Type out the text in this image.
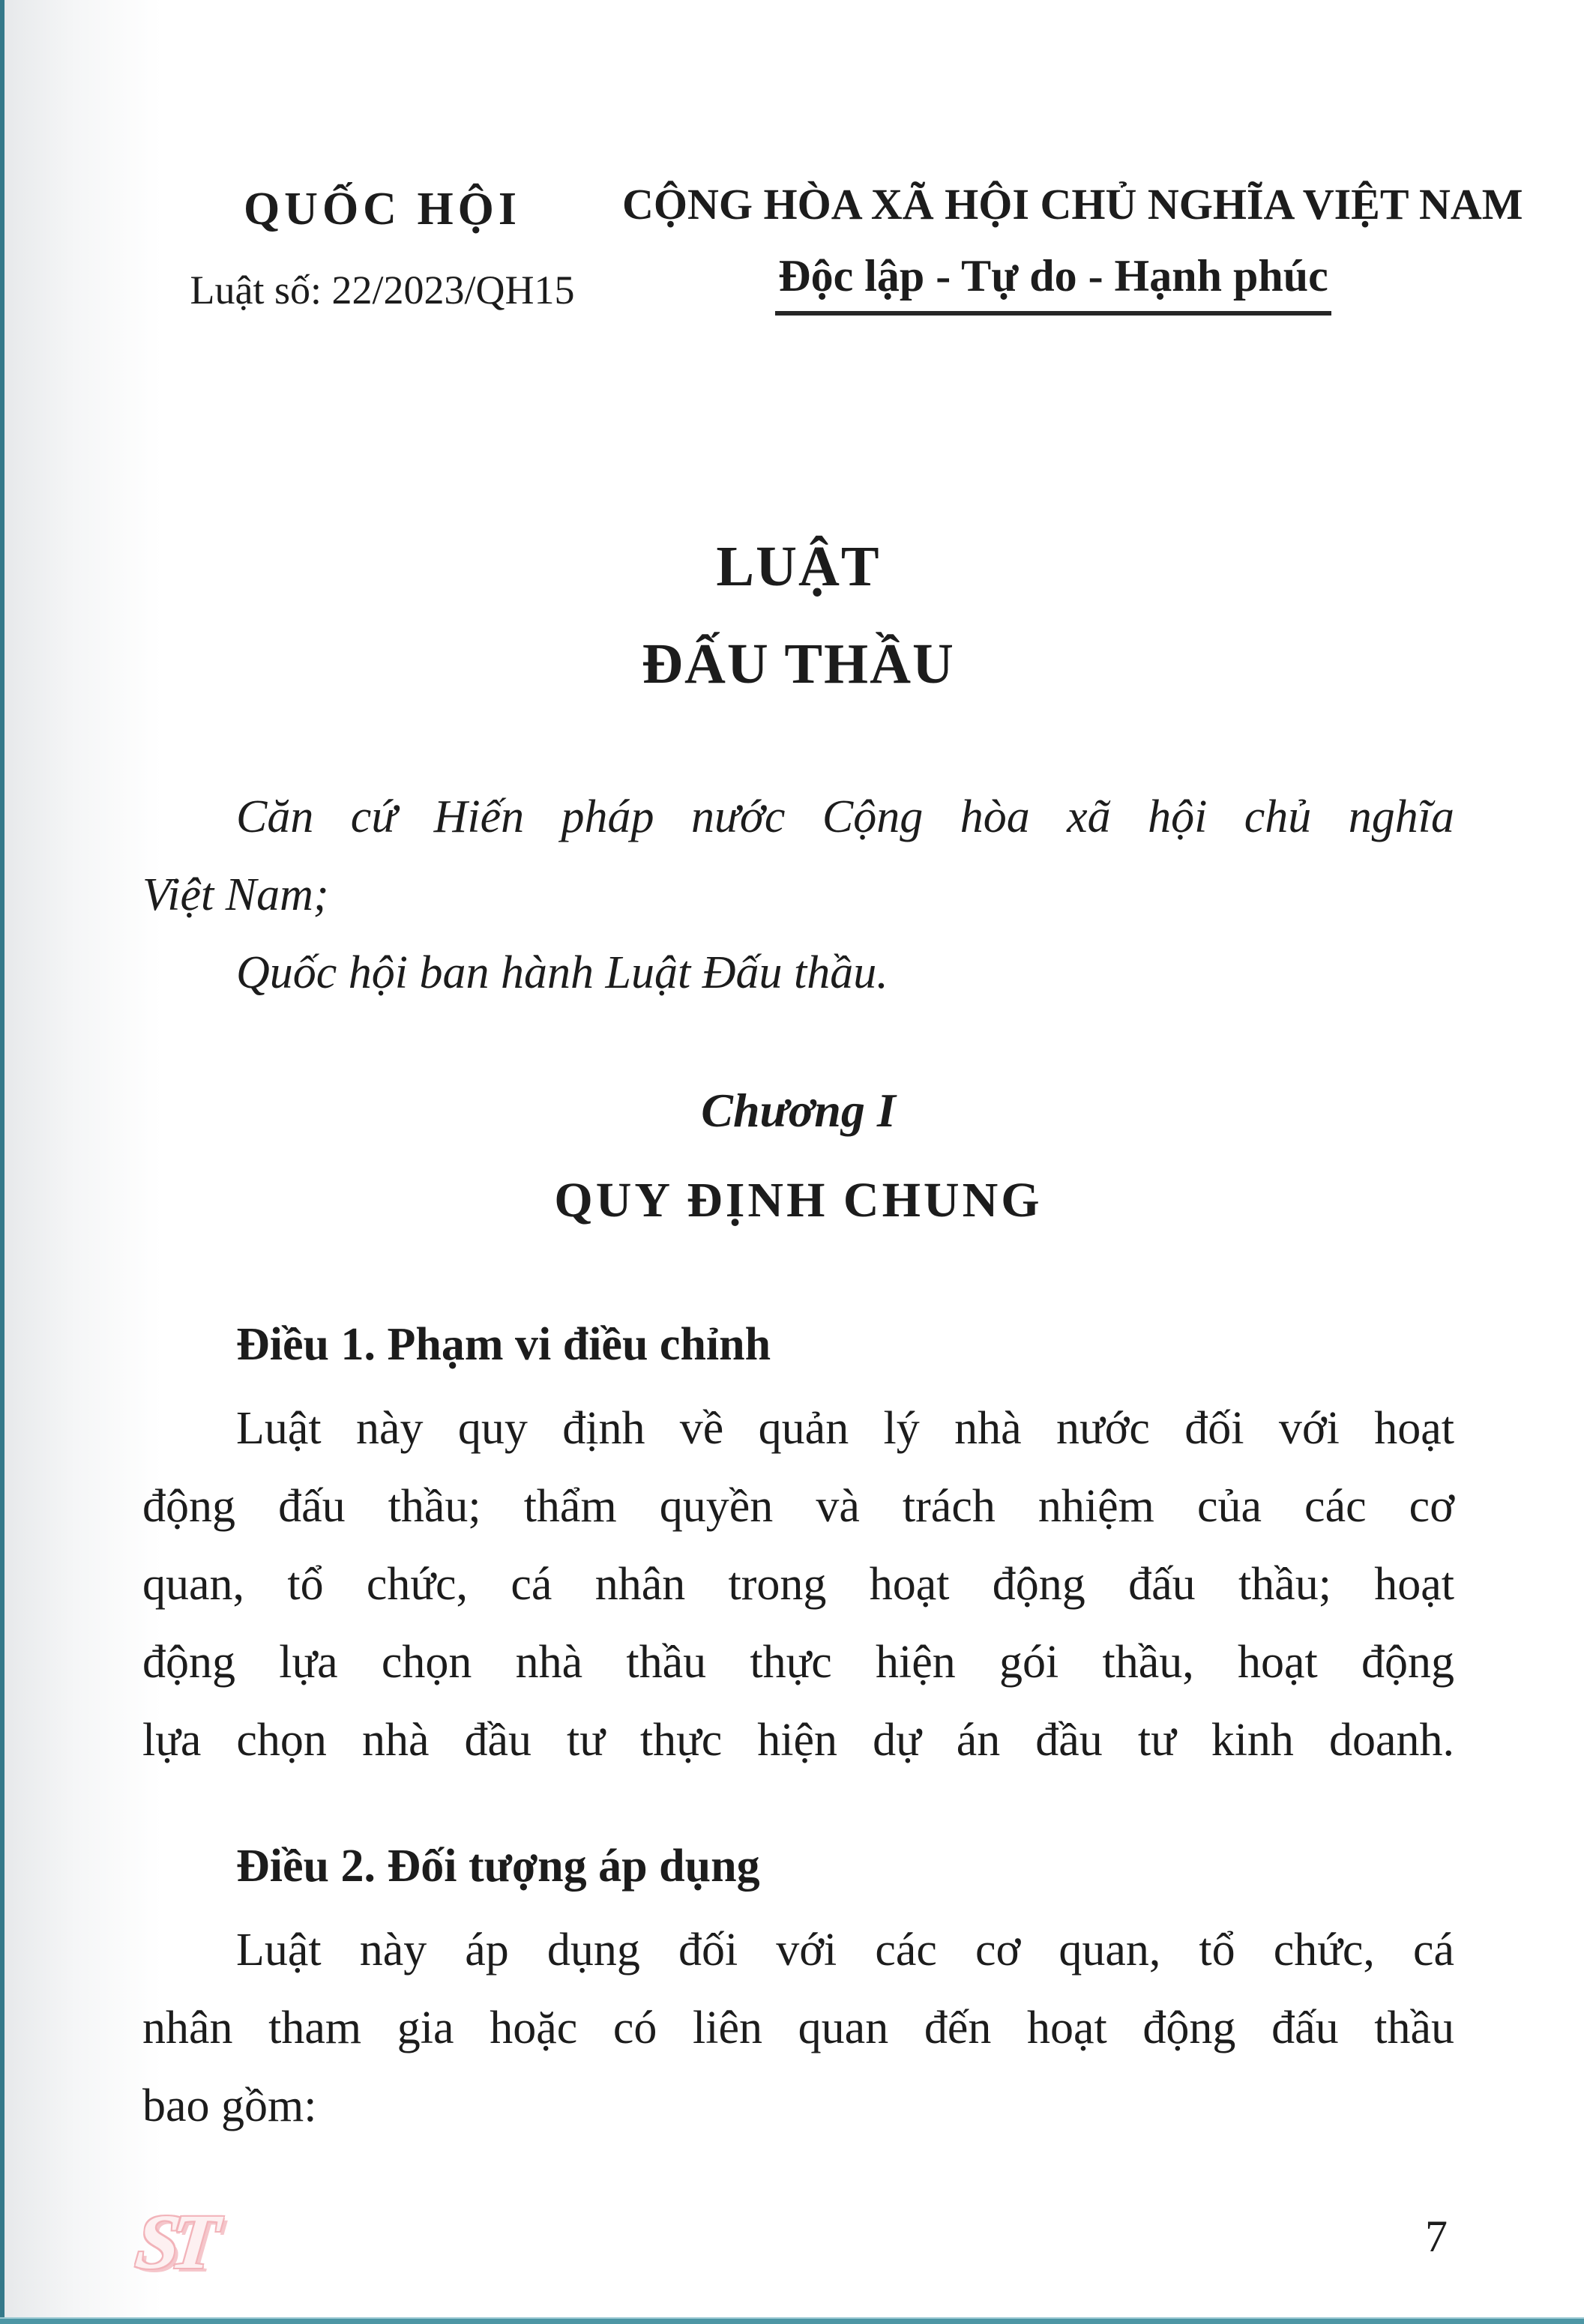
QUỐC HỘI
Luật số: 22/2023/QH15
CỘNG HÒA XÃ HỘI CHỦ NGHĨA VIỆT NAM
Độc lập - Tự do - Hạnh phúc
LUẬT
ĐẤU THẦU
Căn cứ Hiến pháp nước Cộng hòa xã hội chủ nghĩa
Việt Nam;
Quốc hội ban hành Luật Đấu thầu.
Chương I
QUY ĐỊNH CHUNG
Điều 1. Phạm vi điều chỉnh
Luật này quy định về quản lý nhà nước đối với hoạt
động đấu thầu; thẩm quyền và trách nhiệm của các cơ
quan, tổ chức, cá nhân trong hoạt động đấu thầu; hoạt
động lựa chọn nhà thầu thực hiện gói thầu, hoạt động
lựa chọn nhà đầu tư thực hiện dự án đầu tư kinh doanh.
Điều 2. Đối tượng áp dụng
Luật này áp dụng đối với các cơ quan, tổ chức, cá
nhân tham gia hoặc có liên quan đến hoạt động đấu thầu
bao gồm:
ST	7
